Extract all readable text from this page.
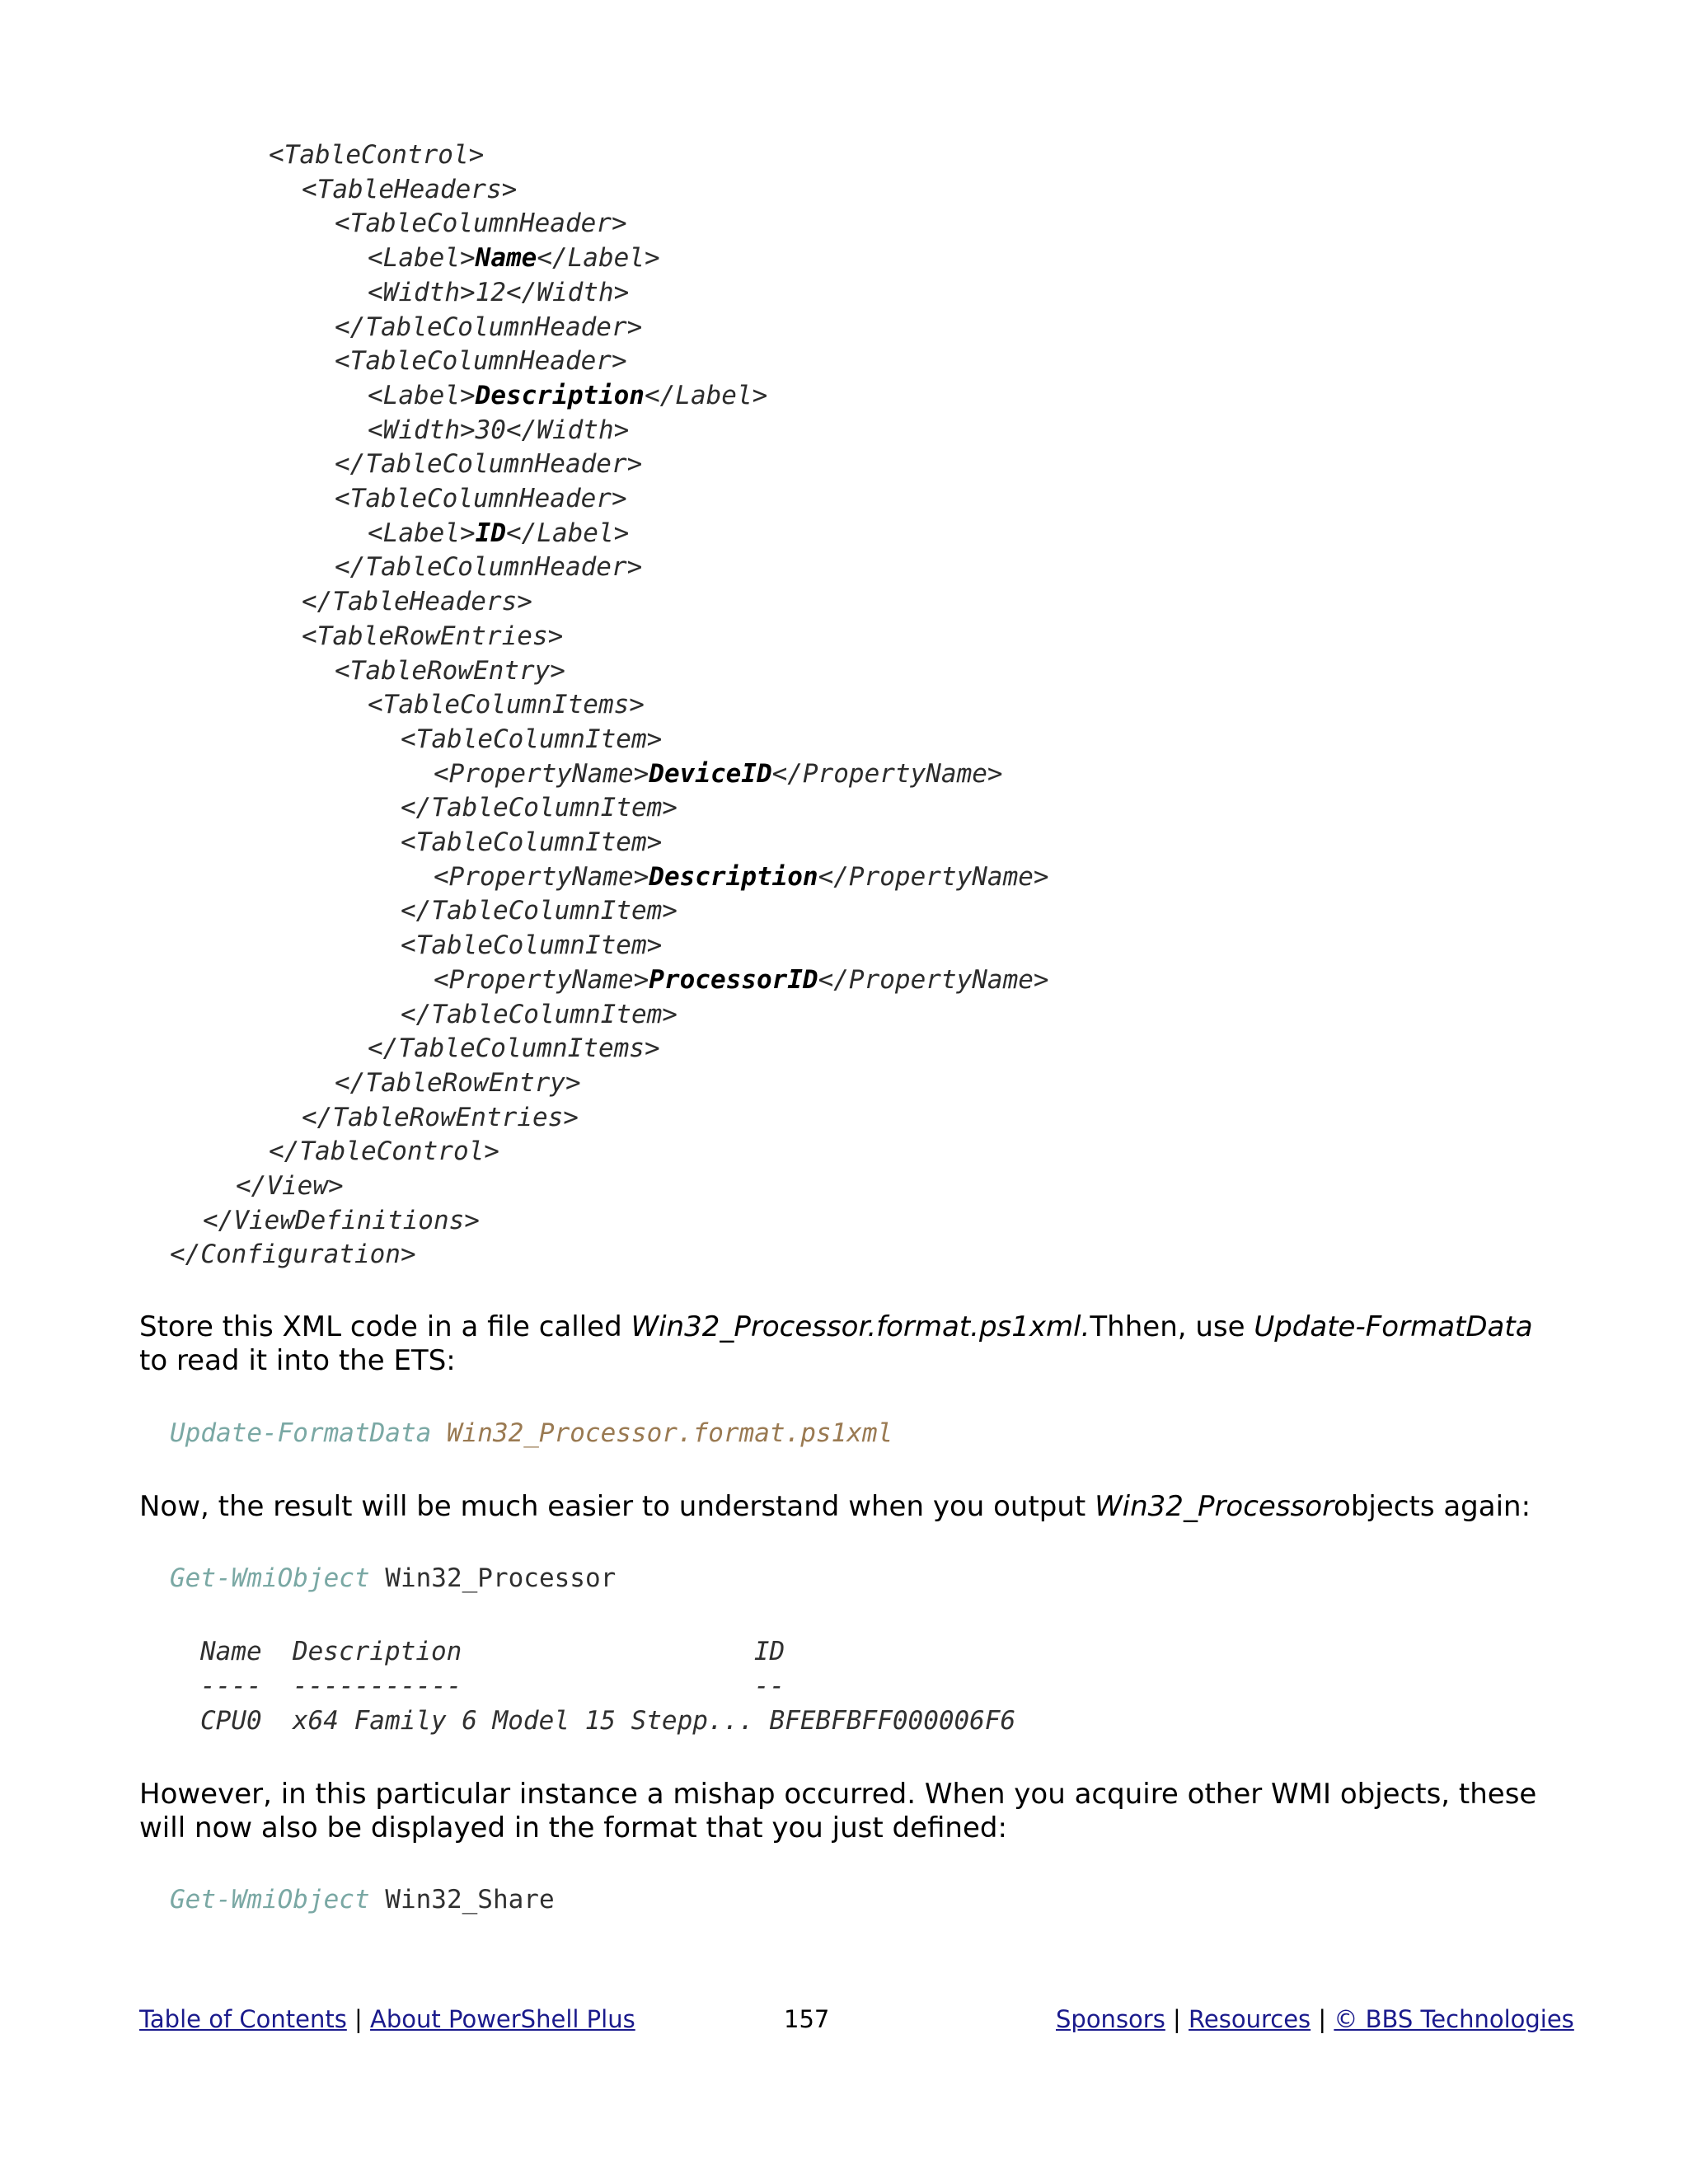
<TableControl>
<TableHeaders>
<TableColumnHeader>
<Label>Name</Label>
<Width>12</Width>
</TableColumnHeader>
<TableColumnHeader>
<Label>Description</Label>
<Width>30</Width>
</TableColumnHeader>
<TableColumnHeader>
<Label>ID</Label>
</TableColumnHeader>
</TableHeaders>
<TableRowEntries>
<TableRowEntry>
<TableColumnItems>
<TableColumnItem>
<PropertyName>DeviceID</PropertyName>
</TableColumnItem>
<TableColumnItem>
<PropertyName>Description</PropertyName>
</TableColumnItem>
<TableColumnItem>
<PropertyName>ProcessorID</PropertyName>
</TableColumnItem>
</TableColumnItems>
</TableRowEntry>
</TableRowEntries>
</TableControl>
</View>
</ViewDefinitions>
</Configuration>
Store this XML code in a file called Win32_Processor.format.ps1xml.Thhen, use Update-FormatData
to read it into the ETS:
Update-FormatData Win32_Processor.format.ps1xml
Now, the result will be much easier to understand when you output Win32_Processorobjects again:
Get-WmiObject Win32_Processor
Name  Description                   ID
----  -----------                   --
CPU0  x64 Family 6 Model 15 Stepp... BFEBFBFF000006F6
However, in this particular instance a mishap occurred. When you acquire other WMI objects, these will now also be displayed in the format that you just defined:
Get-WmiObject Win32_Share
Table of Contents | About PowerShell Plus	157	Sponsors | Resources | © BBS Technologies
